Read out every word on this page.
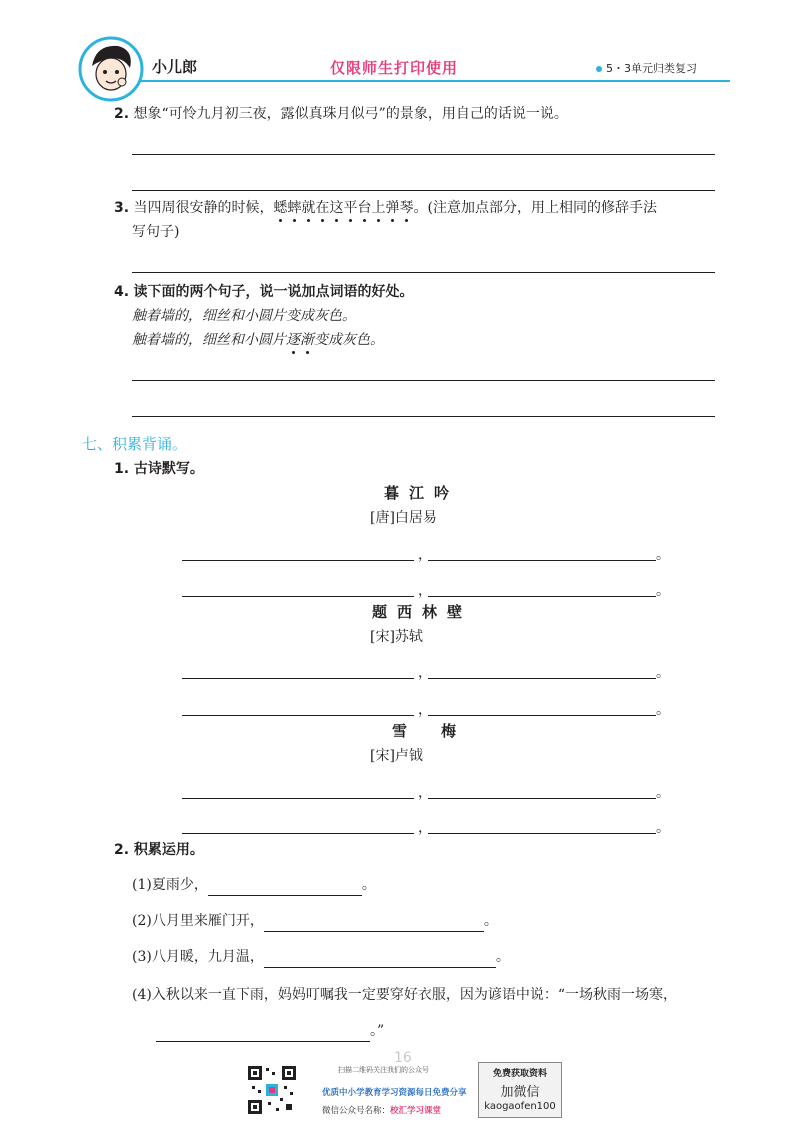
小儿郎	仅限师生打印使用	5・3单元归类复习
2. 想象“可怜九月初三夜，露似真珠月似弓”的景象，用自己的话说一说。
3. 当四周很安静的时候，蟋蟀就在这平台上弹琴。(注意加点部分，用上相同的修辞手法
写句子)
4. 读下面的两个句子，说一说加点词语的好处。
触着墙的，细丝和小圆片变成灰色。
触着墙的，细丝和小圆片逐渐变成灰色。
七、积累背诵。
1. 古诗默写。
暮江吟
[唐]白居易
，	。
，	。
题西林壁
[宋]苏轼
，	。
，	。
雪梅
[宋]卢钺
，	。
，	。
2. 积累运用。
(1)夏雨少，	。
(2)八月里来雁门开，	。
(3)八月暖，九月温，	。
(4)入秋以来一直下雨，妈妈叮嘱我一定要穿好衣服，因为谚语中说：“一场秋雨一场寒，
。”
16
扫描二维码关注我们的公众号
优质中小学教育学习资源每日免费分享
微信公众号名称：校汇学习课堂
免费获取资料
加微信
kaogaofen100
